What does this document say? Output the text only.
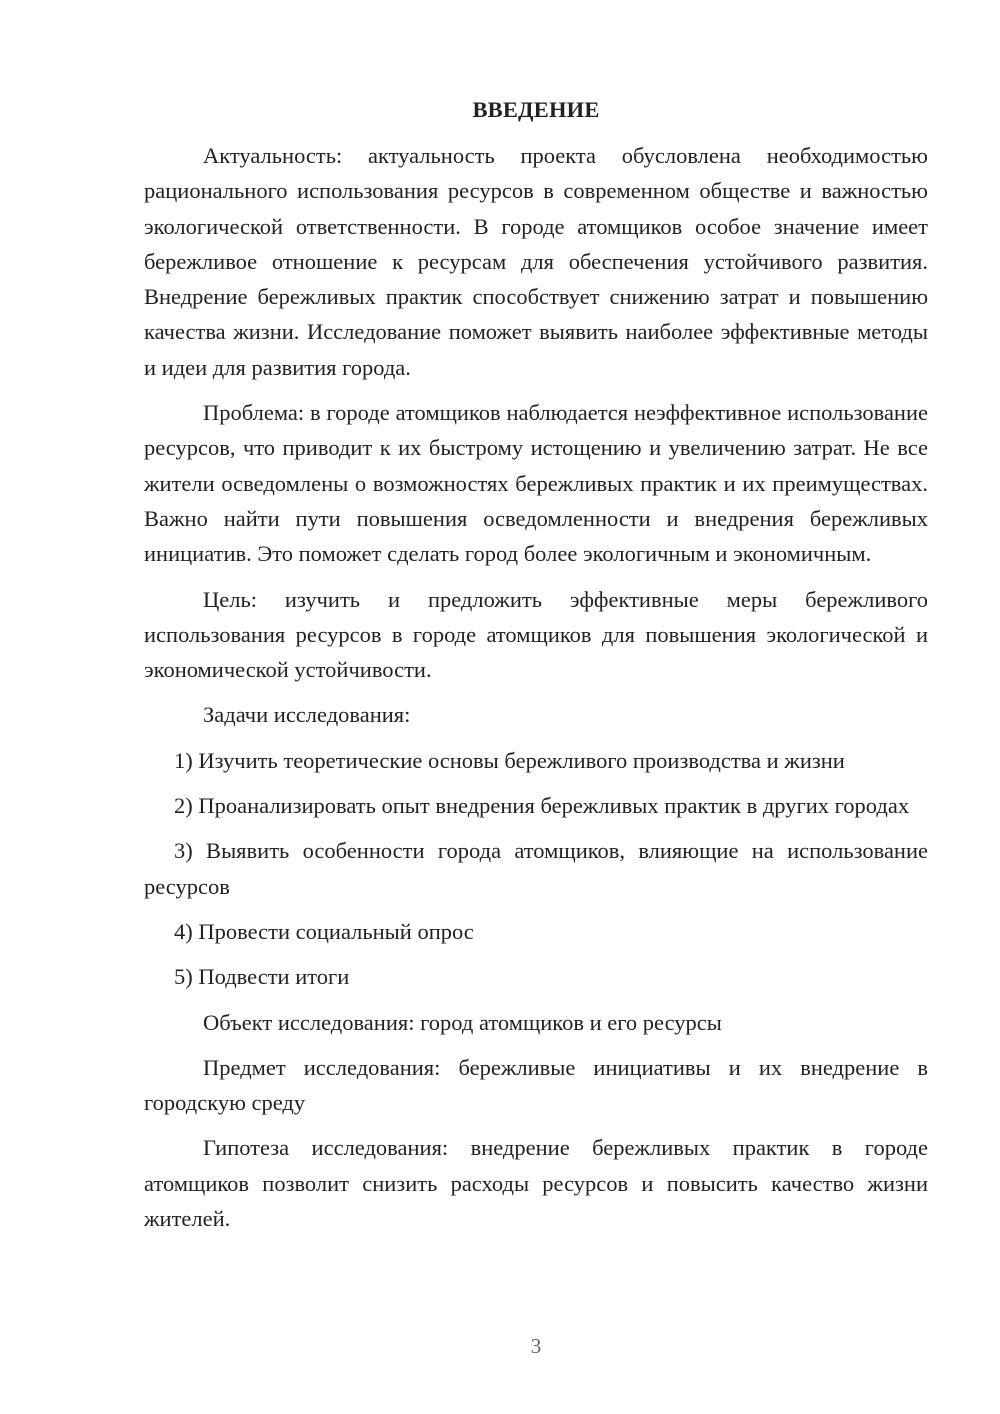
ВВЕДЕНИЕ

Актуальность: актуальность проекта обусловлена необходимостью рационального использования ресурсов в современном обществе и важностью экологической ответственности. В городе атомщиков особое значение имеет бережливое отношение к ресурсам для обеспечения устойчивого развития. Внедрение бережливых практик способствует снижению затрат и повышению качества жизни. Исследование поможет выявить наиболее эффективные методы и идеи для развития города.

Проблема: в городе атомщиков наблюдается неэффективное использование ресурсов, что приводит к их быстрому истощению и увеличению затрат. Не все жители осведомлены о возможностях бережливых практик и их преимуществах. Важно найти пути повышения осведомленности и внедрения бережливых инициатив. Это поможет сделать город более экологичным и экономичным.

Цель: изучить и предложить эффективные меры бережливого использования ресурсов в городе атомщиков для повышения экологической и экономической устойчивости.

Задачи исследования:

1) Изучить теоретические основы бережливого производства и жизни

2) Проанализировать опыт внедрения бережливых практик в других городах

3) Выявить особенности города атомщиков, влияющие на использование ресурсов

4) Провести социальный опрос

5) Подвести итоги

Объект исследования: город атомщиков и его ресурсы

Предмет исследования: бережливые инициативы и их внедрение в городскую среду

Гипотеза исследования: внедрение бережливых практик в городе атомщиков позволит снизить расходы ресурсов и повысить качество жизни жителей.

3
